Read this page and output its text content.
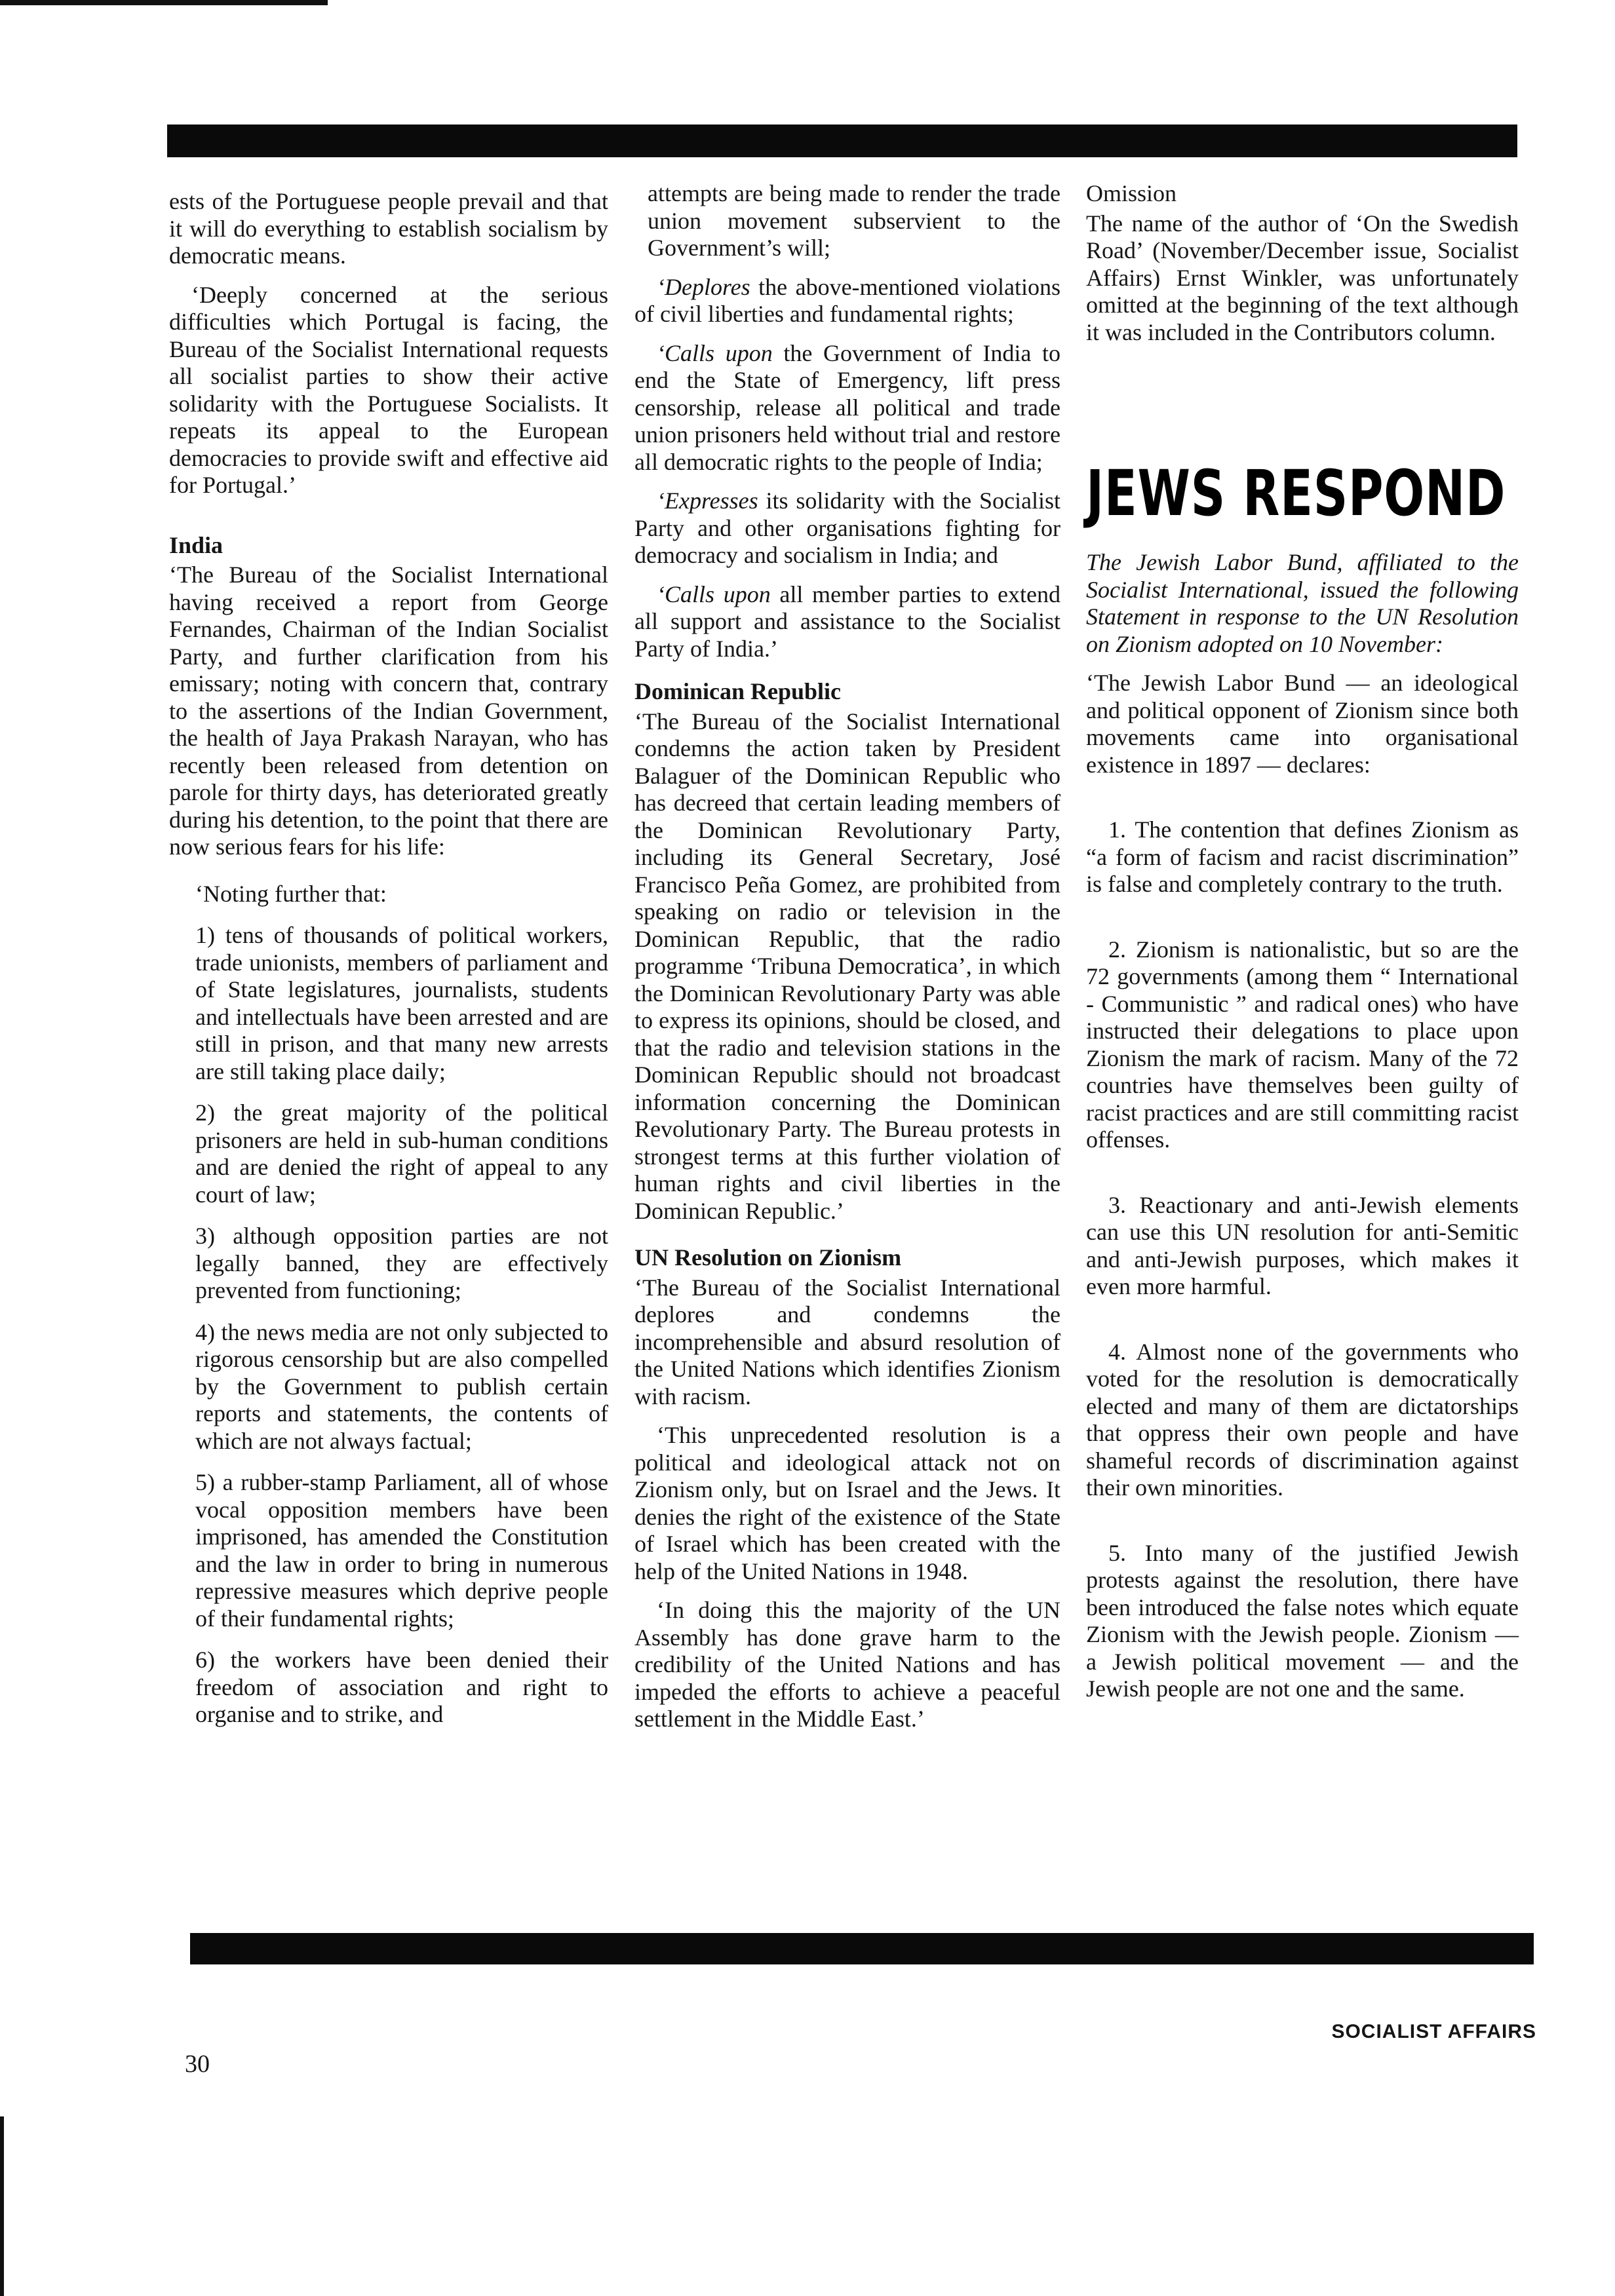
ests of the Portuguese people prevail and that it will do everything to establish socialism by democratic means.

‘Deeply concerned at the serious difficulties which Portugal is facing, the Bureau of the Socialist International requests all socialist parties to show their active solidarity with the Portuguese Socialists. It repeats its appeal to the European democracies to provide swift and effective aid for Portugal.’

India

‘The Bureau of the Socialist International having received a report from George Fernandes, Chairman of the Indian Socialist Party, and further clarification from his emissary; noting with concern that, contrary to the assertions of the Indian Government, the health of Jaya Prakash Narayan, who has recently been released from detention on parole for thirty days, has deteriorated greatly during his detention, to the point that there are now serious fears for his life:

‘Noting further that:

1) tens of thousands of political workers, trade unionists, members of parliament and of State legislatures, journalists, students and intellectuals have been arrested and are still in prison, and that many new arrests are still taking place daily;

2) the great majority of the political prisoners are held in sub-human conditions and are denied the right of appeal to any court of law;

3) although opposition parties are not legally banned, they are effectively prevented from functioning;

4) the news media are not only subjected to rigorous censorship but are also compelled by the Government to publish certain reports and statements, the contents of which are not always factual;

5) a rubber-stamp Parliament, all of whose vocal opposition members have been imprisoned, has amended the Constitution and the law in order to bring in numerous repressive measures which deprive people of their fundamental rights;

6) the workers have been denied their freedom of association and right to organise and to strike, and

attempts are being made to render the trade union movement subservient to the Government’s will;

‘Deplores the above-mentioned violations of civil liberties and fundamental rights;

‘Calls upon the Government of India to end the State of Emergency, lift press censorship, release all political and trade union prisoners held without trial and restore all democratic rights to the people of India;

‘Expresses its solidarity with the Socialist Party and other organisations fighting for democracy and socialism in India; and

‘Calls upon all member parties to extend all support and assistance to the Socialist Party of India.’

Dominican Republic

‘The Bureau of the Socialist International condemns the action taken by President Balaguer of the Dominican Republic who has decreed that certain leading members of the Dominican Revolutionary Party, including its General Secretary, José Francisco Peña Gomez, are prohibited from speaking on radio or television in the Dominican Republic, that the radio programme ‘Tribuna Democratica’, in which the Dominican Revolutionary Party was able to express its opinions, should be closed, and that the radio and television stations in the Dominican Republic should not broadcast information concerning the Dominican Revolutionary Party. The Bureau protests in strongest terms at this further violation of human rights and civil liberties in the Dominican Republic.’

UN Resolution on Zionism

‘The Bureau of the Socialist International deplores and condemns the incomprehensible and absurd resolution of the United Nations which identifies Zionism with racism.

‘This unprecedented resolution is a political and ideological attack not on Zionism only, but on Israel and the Jews. It denies the right of the existence of the State of Israel which has been created with the help of the United Nations in 1948.

‘In doing this the majority of the UN Assembly has done grave harm to the credibility of the United Nations and has impeded the efforts to achieve a peaceful settlement in the Middle East.’

Omission

The name of the author of ‘On the Swedish Road’ (November/December issue, Socialist Affairs) Ernst Winkler, was unfortunately omitted at the beginning of the text although it was included in the Contributors column.

JEWS RESPOND

The Jewish Labor Bund, affiliated to the Socialist International, issued the following Statement in response to the UN Resolution on Zionism adopted on 10 November:

‘The Jewish Labor Bund — an ideological and political opponent of Zionism since both movements came into organisational existence in 1897 — declares:

1. The contention that defines Zionism as “a form of facism and racist discrimination” is false and completely contrary to the truth.

2. Zionism is nationalistic, but so are the 72 governments (among them “ International - Communistic ” and radical ones) who have instructed their delegations to place upon Zionism the mark of racism. Many of the 72 countries have themselves been guilty of racist practices and are still committing racist offenses.

3. Reactionary and anti-Jewish elements can use this UN resolution for anti-Semitic and anti-Jewish purposes, which makes it even more harmful.

4. Almost none of the governments who voted for the resolution is democratically elected and many of them are dictatorships that oppress their own people and have shameful records of discrimination against their own minorities.

5. Into many of the justified Jewish protests against the resolution, there have been introduced the false notes which equate Zionism with the Jewish people. Zionism — a Jewish political movement — and the Jewish people are not one and the same.

30
SOCIALIST AFFAIRS
